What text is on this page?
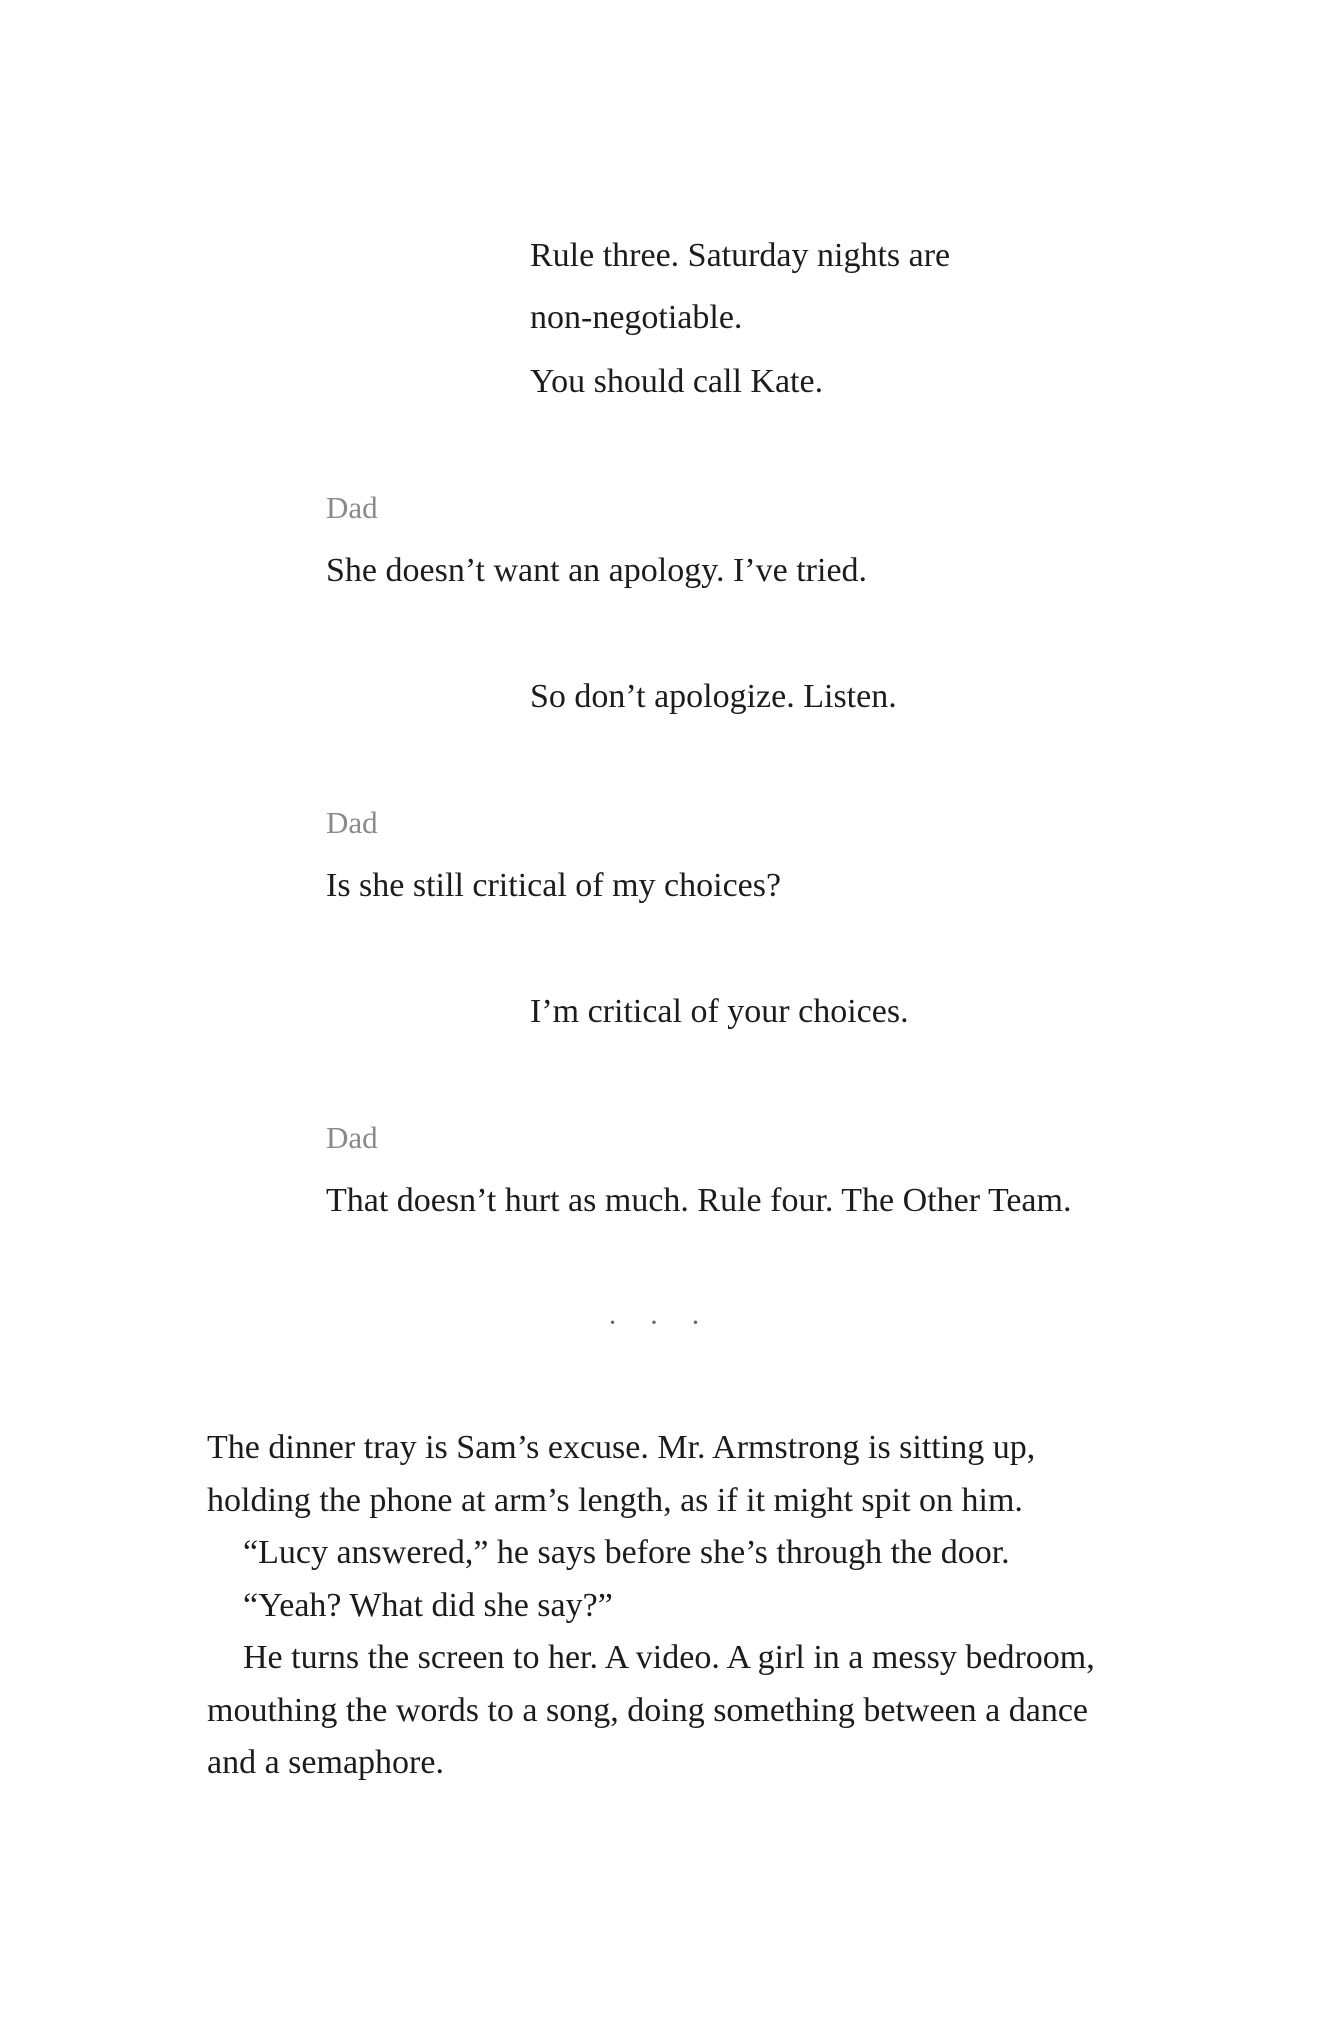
Rule three. Saturday nights are

non-negotiable.

You should call Kate.

Dad

She doesn’t want an apology. I’ve tried.

So don’t apologize. Listen.

Dad

Is she still critical of my choices?

I’m critical of your choices.

Dad

That doesn’t hurt as much. Rule four. The Other Team.

· · ·

The dinner tray is Sam’s excuse. Mr. Armstrong is sitting up,

holding the phone at arm’s length, as if it might spit on him.

“Lucy answered,” he says before she’s through the door.

“Yeah? What did she say?”

He turns the screen to her. A video. A girl in a messy bedroom,

mouthing the words to a song, doing something between a dance

and a semaphore.
